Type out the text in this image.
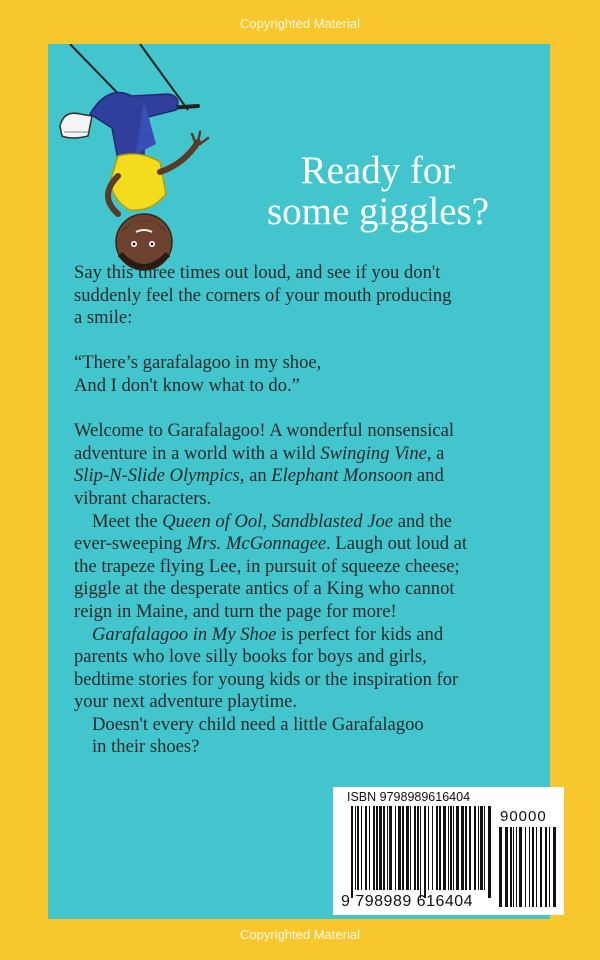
Copyrighted Material
Ready for
some giggles?
Say this three times out loud, and see if you don't
suddenly feel the corners of your mouth producing
a smile:
“There’s garafalagoo in my shoe,
And I don't know what to do.”
Welcome to Garafalagoo! A wonderful nonsensical
adventure in a world with a wild Swinging Vine, a
Slip-N-Slide Olympics, an Elephant Monsoon and
vibrant characters.
Meet the Queen of Ool, Sandblasted Joe and the
ever-sweeping Mrs. McGonnagee. Laugh out loud at
the trapeze flying Lee, in pursuit of squeeze cheese;
giggle at the desperate antics of a King who cannot
reign in Maine, and turn the page for more!
Garafalagoo in My Shoe is perfect for kids and
parents who love silly books for boys and girls,
bedtime stories for young kids or the inspiration for
your next adventure playtime.
Doesn't every child need a little Garafalagoo
in their shoes?
ISBN 9798989616404
90000
9 798989 616404
Copyrighted Material
